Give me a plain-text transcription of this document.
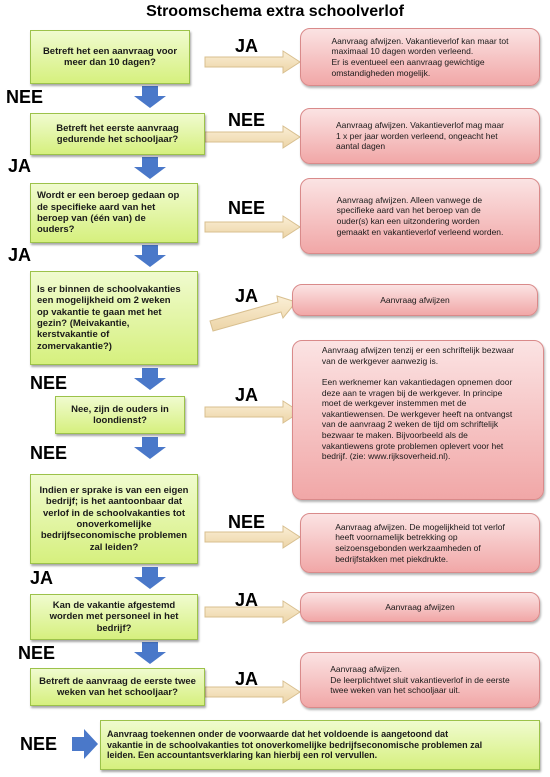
Stroomschema extra schoolverlof
Betreft het een aanvraag voor
meer dan 10 dagen?
Betreft het eerste aanvraag
gedurende het schooljaar?
Wordt er een beroep gedaan op
de specifieke aard van het
beroep van (één van) de
ouders?
Is er binnen de schoolvakanties
een mogelijkheid om 2 weken
op vakantie te gaan met het
gezin? (Meivakantie,
kerstvakantie of
zomervakantie?)
Nee, zijn de ouders in
loondienst?
Indien er sprake is van een eigen
bedrijf; is het aantoonbaar dat
verlof in de schoolvakanties tot
onoverkomelijke
bedrijfseconomische problemen
zal leiden?
Kan de vakantie afgestemd
worden met personeel in het
bedrijf?
Betreft de aanvraag de eerste twee
weken van het schooljaar?
Aanvraag afwijzen. Vakantieverlof kan maar tot
maximaal 10 dagen worden verleend.
Er is eventueel een aanvraag gewichtige
omstandigheden mogelijk.
Aanvraag afwijzen. Vakantieverlof mag maar
1 x per jaar worden verleend, ongeacht het
aantal dagen
Aanvraag afwijzen. Alleen vanwege de
specifieke aard van het beroep van de
ouder(s) kan een uitzondering worden
gemaakt en vakantieverlof verleend worden.
Aanvraag afwijzen
Aanvraag afwijzen tenzij er een schriftelijk bezwaar
van de werkgever aanwezig is.

Een werknemer kan vakantiedagen opnemen door
deze aan te vragen bij de werkgever. In principe
moet de werkgever instemmen met de
vakantiewensen. De werkgever heeft na ontvangst
van de aanvraag 2 weken de tijd om schriftelijk
bezwaar te maken. Bijvoorbeeld als de
vakantiewens grote problemen oplevert voor het
bedrijf. (zie: www.rijksoverheid.nl).
Aanvraag afwijzen. De mogelijkheid tot verlof
heeft voornamelijk betrekking op
seizoensgebonden werkzaamheden of
bedrijfstakken met piekdrukte.
Aanvraag afwijzen
Aanvraag afwijzen.
De leerplichtwet sluit vakantieverlof in de eerste
twee weken van het schooljaar uit.
Aanvraag toekennen onder de voorwaarde dat het voldoende is aangetoond dat
vakantie in de schoolvakanties tot onoverkomelijke bedrijfseconomische problemen zal
leiden. Een accountantsverklaring kan hierbij een rol vervullen.
JA
NEE
NEE
JA
NEE
JA
JA
NEE
JA
NEE
NEE
JA
JA
NEE
JA
NEE
